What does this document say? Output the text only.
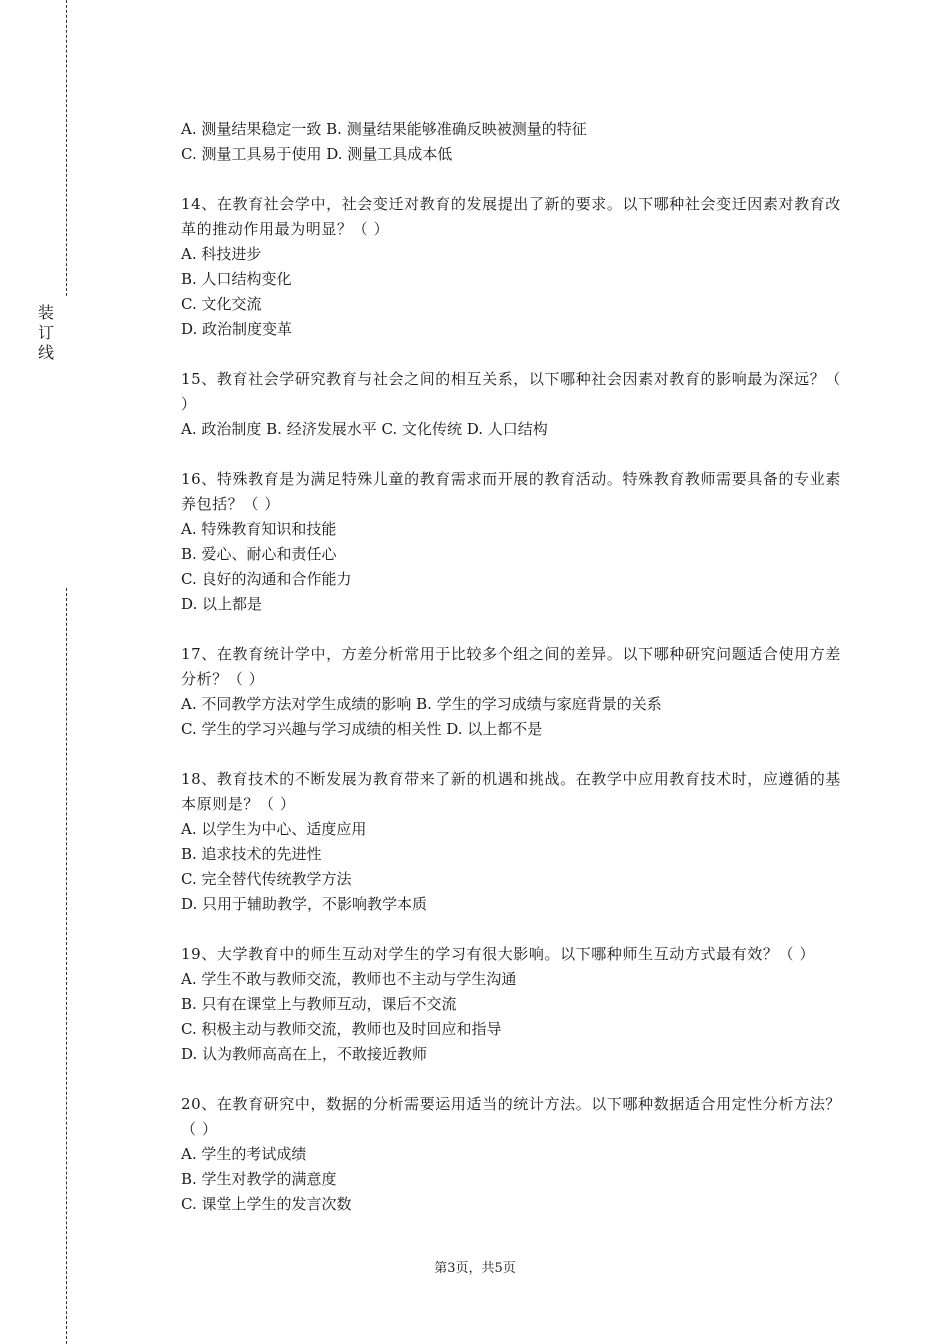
装
订
线
A. 测量结果稳定一致 B. 测量结果能够准确反映被测量的特征
C. 测量工具易于使用 D. 测量工具成本低
14、在教育社会学中，社会变迁对教育的发展提出了新的要求。以下哪种社会变迁因素对教育改革的推动作用最为明显？（ ）
A. 科技进步
B. 人口结构变化
C. 文化交流
D. 政治制度变革
15、教育社会学研究教育与社会之间的相互关系，以下哪种社会因素对教育的影响最为深远？（ ）
A. 政治制度 B. 经济发展水平 C. 文化传统 D. 人口结构
16、特殊教育是为满足特殊儿童的教育需求而开展的教育活动。特殊教育教师需要具备的专业素养包括？（ ）
A. 特殊教育知识和技能
B. 爱心、耐心和责任心
C. 良好的沟通和合作能力
D. 以上都是
17、在教育统计学中，方差分析常用于比较多个组之间的差异。以下哪种研究问题适合使用方差分析？（ ）
A. 不同教学方法对学生成绩的影响 B. 学生的学习成绩与家庭背景的关系
C. 学生的学习兴趣与学习成绩的相关性 D. 以上都不是
18、教育技术的不断发展为教育带来了新的机遇和挑战。在教学中应用教育技术时，应遵循的基本原则是？（ ）
A. 以学生为中心、适度应用
B. 追求技术的先进性
C. 完全替代传统教学方法
D. 只用于辅助教学，不影响教学本质
19、大学教育中的师生互动对学生的学习有很大影响。以下哪种师生互动方式最有效？（ ）
A. 学生不敢与教师交流，教师也不主动与学生沟通
B. 只有在课堂上与教师互动，课后不交流
C. 积极主动与教师交流，教师也及时回应和指导
D. 认为教师高高在上，不敢接近教师
20、在教育研究中，数据的分析需要运用适当的统计方法。以下哪种数据适合用定性分析方法？（ ）
A. 学生的考试成绩
B. 学生对教学的满意度
C. 课堂上学生的发言次数
第3页，共5页
